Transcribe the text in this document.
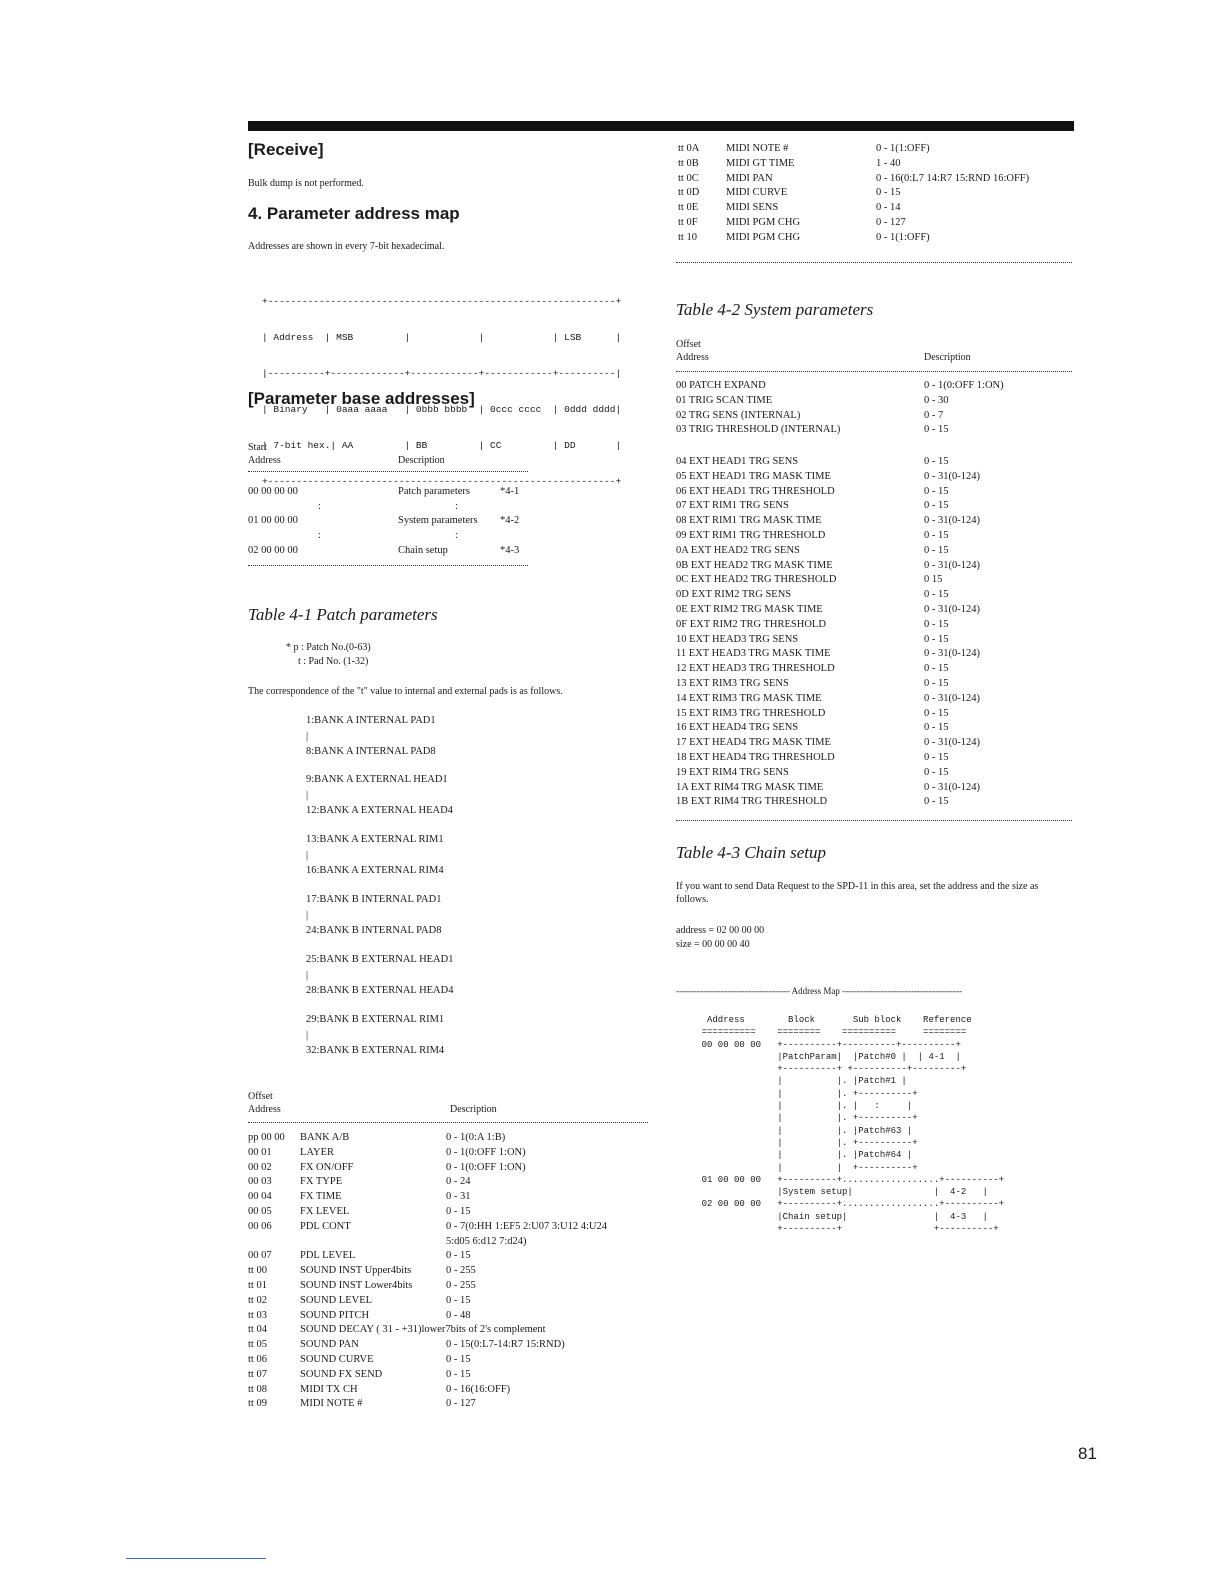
[Receive]
Bulk dump is not performed.
4. Parameter address map
Addresses are shown in every 7-bit hexadecimal.

+-------------------------------------------------------------+

| Address  | MSB         |            |            | LSB      |

|----------+-------------+------------+------------+----------|

| Binary   | 0aaa aaaa   | 0bbb bbbb  | 0ccc cccc  | 0ddd dddd|

| 7-bit hex.| AA         | BB         | CC         | DD       |

+-------------------------------------------------------------+

[Parameter base addresses]
Start
Address	Description
00 00 00 00	Patch parameters	*4-1
:	:
01 00 00 00	System parameters *4-2
:	:
02 00 00 00	Chain setup	*4-3
Table 4-1 Patch parameters
* p : Patch No.(0-63)
t : Pad No. (1-32)
The correspondence of the "t" value to internal and external pads is as follows.
1:BANK A INTERNAL PAD1
|
8:BANK A INTERNAL PAD8
9:BANK A EXTERNAL HEAD1
|
12:BANK A EXTERNAL HEAD4
13:BANK A EXTERNAL RIM1
|
16:BANK A EXTERNAL RIM4
17:BANK B INTERNAL PAD1
|
24:BANK B INTERNAL PAD8
25:BANK B EXTERNAL HEAD1
|
28:BANK B EXTERNAL HEAD4
29:BANK B EXTERNAL RIM1
|
32:BANK B EXTERNAL RIM4
Offset
Address	Description
pp 00 00 BANK A/B	0 - 1(0:A 1:B)
00 01	LAYER	0 - 1(0:OFF 1:ON)
00 02	FX ON/OFF	0 - 1(0:OFF 1:ON)
00 03	FX TYPE	0 - 24
00 04	FX TIME	0 - 31
00 05	FX LEVEL	0 - 15
00 06	PDL CONT	0 - 7(0:HH 1:EF5 2:U07 3:U12 4:U24
5:d05 6:d12 7:d24)
00 07	PDL LEVEL	0 - 15
tt 00	SOUND INST Upper4bits	0 - 255
tt 01	SOUND INST Lower4bits	0 - 255
tt 02	SOUND LEVEL	0 - 15
tt 03	SOUND PITCH	0 - 48
tt 04	SOUND DECAY ( 31 - +31)lower7bits of 2's complement
tt 05	SOUND PAN	0 - 15(0:L7-14:R7 15:RND)
tt 06	SOUND CURVE	0 - 15
tt 07	SOUND FX SEND	0 - 15
tt 08	MIDI TX CH	0 - 16(16:OFF)
tt 09	MIDI NOTE #	0 - 127
tt 0A	MIDI NOTE #	0 - 1(1:OFF)
tt 0B	MIDI GT TIME	1 - 40
tt 0C	MIDI PAN	0 - 16(0:L7 14:R7 15:RND 16:OFF)
tt 0D	MIDI CURVE	0 - 15
tt 0E	MIDI SENS	0 - 14
tt 0F	MIDI PGM CHG	0 - 127
tt 10	MIDI PGM CHG	0 - 1(1:OFF)
Table 4-2 System parameters
Offset
Address	Description
00 PATCH EXPAND	0 - 1(0:OFF 1:ON)
01 TRIG SCAN TIME	0 - 30
02 TRG SENS (INTERNAL)	0 - 7
03 TRIG THRESHOLD (INTERNAL)	0 - 15
04 EXT HEAD1 TRG SENS	0 - 15
05 EXT HEAD1 TRG MASK TIME	0 - 31(0-124)
06 EXT HEAD1 TRG THRESHOLD	0 - 15
07 EXT RIM1 TRG SENS	0 - 15
08 EXT RIM1 TRG MASK TIME	0 - 31(0-124)
09 EXT RIM1 TRG THRESHOLD	0 - 15
0A EXT HEAD2 TRG SENS	0 - 15
0B EXT HEAD2 TRG MASK TIME	0 - 31(0-124)
0C EXT HEAD2 TRG THRESHOLD	0 15
0D EXT RIM2 TRG SENS	0 - 15
0E EXT RIM2 TRG MASK TIME	0 - 31(0-124)
0F EXT RIM2 TRG THRESHOLD	0 - 15
10 EXT HEAD3 TRG SENS	0 - 15
11 EXT HEAD3 TRG MASK TIME	0 - 31(0-124)
12 EXT HEAD3 TRG THRESHOLD	0 - 15
13 EXT RIM3 TRG SENS	0 - 15
14 EXT RIM3 TRG MASK TIME	0 - 31(0-124)
15 EXT RIM3 TRG THRESHOLD	0 - 15
16 EXT HEAD4 TRG SENS	0 - 15
17 EXT HEAD4 TRG MASK TIME	0 - 31(0-124)
18 EXT HEAD4 TRG THRESHOLD	0 - 15
19 EXT RIM4 TRG SENS	0 - 15
1A EXT RIM4 TRG MASK TIME	0 - 31(0-124)
1B EXT RIM4 TRG THRESHOLD	0 - 15
Table 4-3 Chain setup
If you want to send Data Request to the SPD-11 in this area, set the address and the size as follows.
address = 02 00 00 00
size = 00 00 00 40
-------------------------------------- Address Map ----------------------------------------
Address        Block       Sub block    Reference
==========    ========    ==========     ========
00 00 00 00   +----------+----------+----------+
|PatchParam|  |Patch#0 |  | 4-1  |
+----------+ +----------+---------+
|          |. |Patch#1 |
|          |. +----------+
|          |. |   :     |
|          |. +----------+
|          |. |Patch#63 |
|          |. +----------+
|          |. |Patch#64 |
|          |  +----------+
01 00 00 00   +----------+..................+----------+
|System setup|               |  4-2   |
02 00 00 00   +----------+..................+----------+
|Chain setup|                |  4-3   |
+----------+                 +----------+
81
